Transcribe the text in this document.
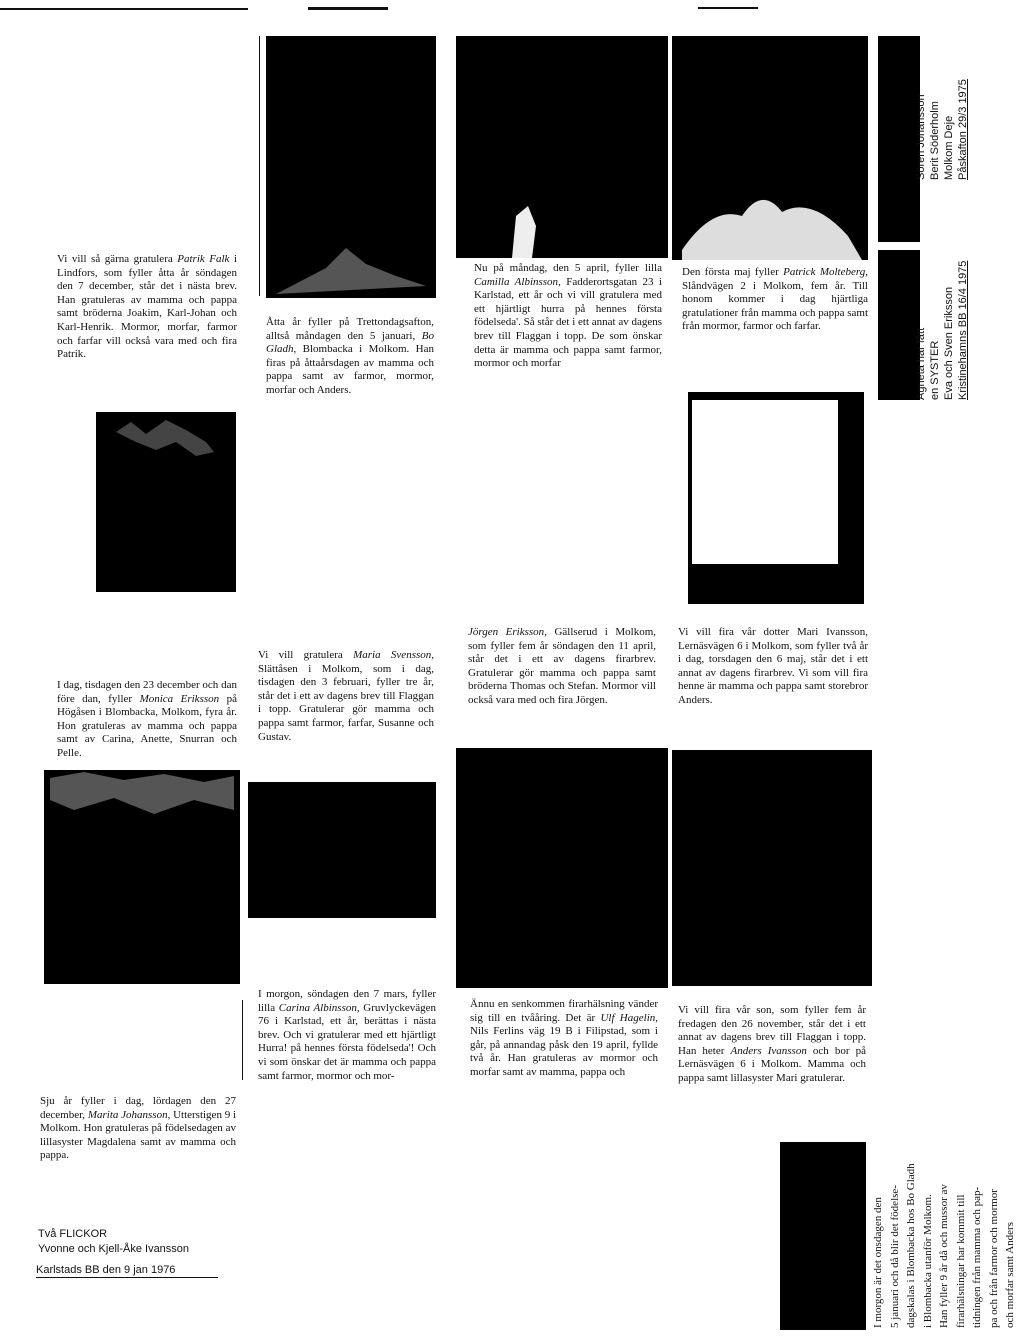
Vi vill så gärna gratulera Patrik Falk i Lindfors, som fyller åtta år söndagen den 7 december, står det i nästa brev. Han gratuleras av mamma och pappa samt bröderna Joakim, Karl-Johan och Karl-Henrik. Mormor, morfar, farmor och farfar vill också vara med och fira Patrik.

I dag, tisdagen den 23 december och dan före dan, fyller Monica Eriksson på Högåsen i Blombacka, Molkom, fyra år. Hon gratuleras av mamma och pappa samt av Carina, Anette, Snurran och Pelle.

Sju år fyller i dag, lördagen den 27 december, Marita Johansson, Utterstigen 9 i Molkom. Hon gratuleras på födelsedagen av lillasyster Magdalena samt av mamma och pappa.

Två FLICKOR
Yvonne och Kjell-Åke Ivansson
Karlstads BB den 9 jan 1976

Åtta år fyller på Trettondagsafton, alltså måndagen den 5 januari, Bo Gladh, Blombacka i Molkom. Han firas på åttaårsdagen av mamma och pappa samt av farmor, mormor, morfar och Anders.

Vi vill gratulera Maria Svensson, Slättåsen i Molkom, som i dag, tisdagen den 3 februari, fyller tre år, står det i ett av dagens brev till Flaggan i topp. Gratulerar gör mamma och pappa samt farmor, farfar, Susanne och Gustav.

I morgon, söndagen den 7 mars, fyller lilla Carina Albinsson, Gruvlyckevägen 76 i Karlstad, ett år, berättas i nästa brev. Och vi gratulerar med ett hjärtligt Hurra! på hennes första födelseda'! Och vi som önskar det är mamma och pappa samt farmor, mormor och mor-

Nu på måndag, den 5 april, fyller lilla Camilla Albinsson, Fadderortsgatan 23 i Karlstad, ett år och vi vill gratulera med ett hjärtligt hurra på hennes första födelseda'. Så står det i ett annat av dagens brev till Flaggan i topp. De som önskar detta är mamma och pappa samt farmor, mormor och morfar

Jörgen Eriksson, Gällserud i Molkom, som fyller fem år söndagen den 11 april, står det i ett av dagens firarbrev. Gratulerar gör mamma och pappa samt bröderna Thomas och Stefan. Mormor vill också vara med och fira Jörgen.

Ännu en senkommen firarhälsning vänder sig till en tvååring. Det är Ulf Hagelin, Nils Ferlins väg 19 B i Filipstad, som i går, på annandag påsk den 19 april, fyllde två år. Han gratuleras av mormor och morfar samt av mamma, pappa och

Den första maj fyller Patrick Molteberg, Slåndvägen 2 i Molkom, fem år. Till honom kommer i dag hjärtliga gratulationer från mamma och pappa samt från mormor, farmor och farfar.

Vi vill fira vår dotter Mari Ivansson, Lernäsvägen 6 i Molkom, som fyller två år i dag, torsdagen den 6 maj, står det i ett annat av dagens firarbrev. Vi som vill fira henne är mamma och pappa samt storebror Anders.

Vi vill fira vår son, som fyller fem år fredagen den 26 november, står det i ett annat av dagens brev till Flaggan i topp. Han heter Anders Ivansson och bor på Lernäsvägen 6 i Molkom. Mamma och pappa samt lillasyster Mari gratulerar.

Sören Johansson Berit Söderholm Molkom Deje Påskafton 29/3 1975
Agneta har fått en SYSTER Eva och Sven Eriksson Kristinehamns BB 16/4 1975
I morgon är det onsdagen den 5 januari och då blir det födelse- dagskalas i Blombacka hos Bo Gladh i Blombacka utanför Molkom. Han fyller 9 år då och mussor av firarhälsningar har kommit till tidningen från mamma och pap- pa och från farmor och mormor och morfar samt Anders
